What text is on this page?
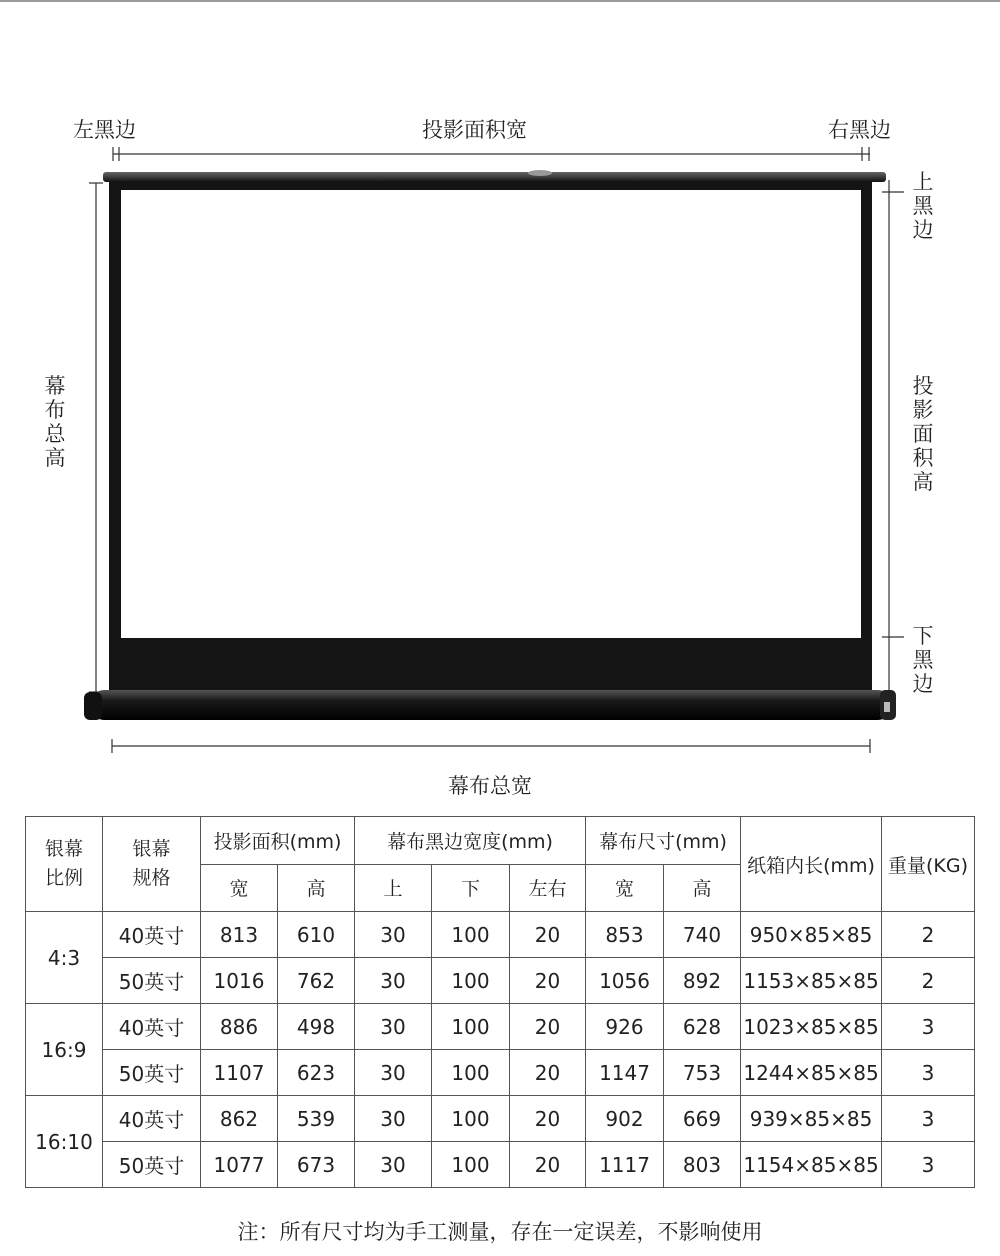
左黑边	投影面积宽	右黑边
上黑边
幕布总高
投影面积高
下黑边
幕布总宽
银幕比例	银幕规格	投影面积(mm)		幕布黑边宽度(mm)			幕布尺寸(mm)		纸箱内长(mm)	重量(KG)
		宽	高	上	下	左右	宽	高		
4:3	40英寸	813	610	30	100	20	853	740	950×85×85	2
	50英寸	1016	762	30	100	20	1056	892	1153×85×85	2
16:9	40英寸	886	498	30	100	20	926	628	1023×85×85	3
	50英寸	1107	623	30	100	20	1147	753	1244×85×85	3
16:10	40英寸	862	539	30	100	20	902	669	939×85×85	3
	50英寸	1077	673	30	100	20	1117	803	1154×85×85	3
注：所有尺寸均为手工测量，存在一定误差，不影响使用
